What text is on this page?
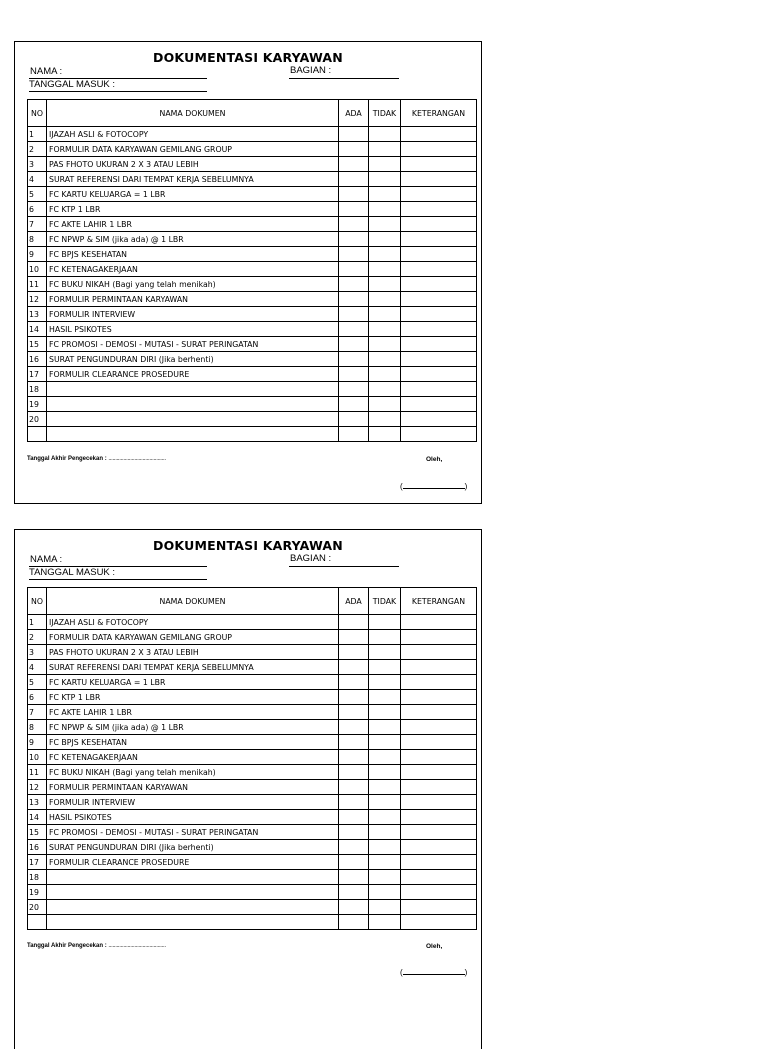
DOKUMENTASI KARYAWAN
NAMA :	BAGIAN :
TANGGAL MASUK :
NO	NAMA DOKUMEN	ADA	TIDAK	KETERANGAN
1	IJAZAH ASLI & FOTOCOPY			
2	FORMULIR DATA KARYAWAN GEMILANG GROUP			
3	PAS FHOTO UKURAN 2 X 3 ATAU LEBIH			
4	SURAT REFERENSI DARI TEMPAT KERJA SEBELUMNYA			
5	FC KARTU KELUARGA = 1 LBR			
6	FC KTP 1 LBR			
7	FC AKTE LAHIR 1 LBR			
8	FC NPWP & SIM (jika ada) @ 1 LBR			
9	FC BPJS KESEHATAN			
10	FC KETENAGAKERJAAN			
11	FC BUKU NIKAH (Bagi yang telah menikah)			
12	FORMULIR PERMINTAAN KARYAWAN			
13	FORMULIR INTERVIEW			
14	HASIL PSIKOTES			
15	FC PROMOSI - DEMOSI - MUTASI - SURAT PERINGATAN			
16	SURAT PENGUNDURAN DIRI (Jika berhenti)			
17	FORMULIR CLEARANCE PROSEDURE			
18				
19				
20				

Tanggal Akhir Pengecekan : ..........................................	Oleh,
(	)
DOKUMENTASI KARYAWAN
NAMA :	BAGIAN :
TANGGAL MASUK :
NO	NAMA DOKUMEN	ADA	TIDAK	KETERANGAN
1	IJAZAH ASLI & FOTOCOPY			
2	FORMULIR DATA KARYAWAN GEMILANG GROUP			
3	PAS FHOTO UKURAN 2 X 3 ATAU LEBIH			
4	SURAT REFERENSI DARI TEMPAT KERJA SEBELUMNYA			
5	FC KARTU KELUARGA = 1 LBR			
6	FC KTP 1 LBR			
7	FC AKTE LAHIR 1 LBR			
8	FC NPWP & SIM (jika ada) @ 1 LBR			
9	FC BPJS KESEHATAN			
10	FC KETENAGAKERJAAN			
11	FC BUKU NIKAH (Bagi yang telah menikah)			
12	FORMULIR PERMINTAAN KARYAWAN			
13	FORMULIR INTERVIEW			
14	HASIL PSIKOTES			
15	FC PROMOSI - DEMOSI - MUTASI - SURAT PERINGATAN			
16	SURAT PENGUNDURAN DIRI (Jika berhenti)			
17	FORMULIR CLEARANCE PROSEDURE			
18				
19				
20				

Tanggal Akhir Pengecekan : ..........................................	Oleh,
(	)
